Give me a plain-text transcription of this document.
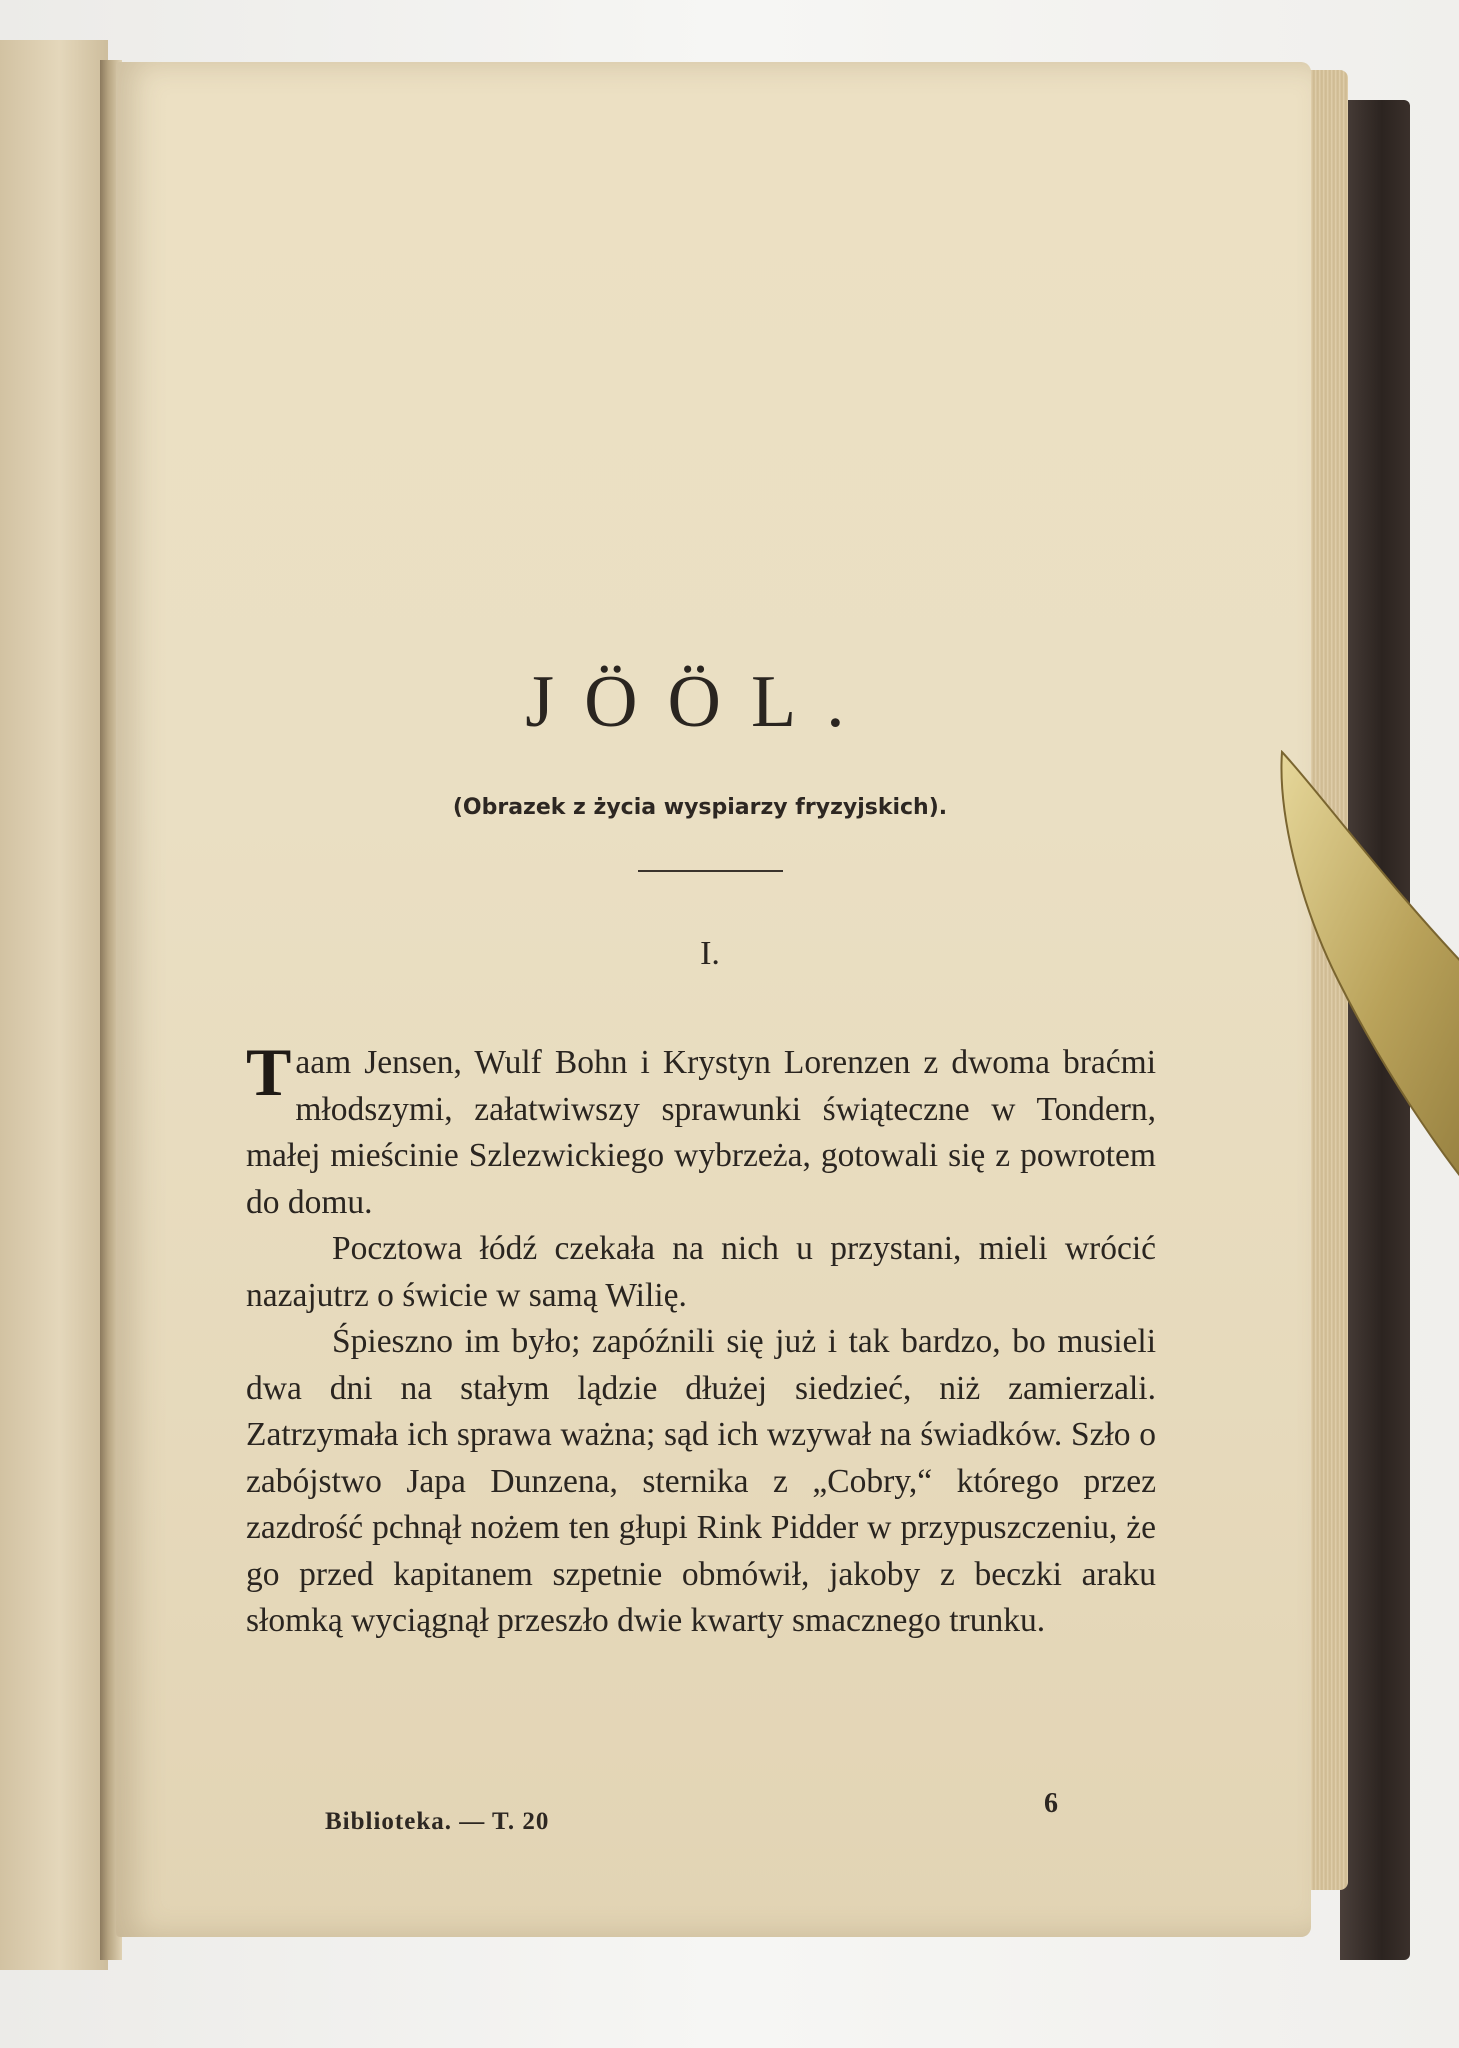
JÖÖL.
(Obrazek z życia wyspiarzy fryzyjskich).
I.

Taam Jensen, Wulf Bohn i Krystyn Lorenzen z dwoma braćmi młodszymi, załatwiwszy sprawunki świąteczne w Tondern, małej mieścinie Szlezwickiego wybrzeża, gotowali się z powrotem do domu.

Pocztowa łódź czekała na nich u przystani, mieli wrócić nazajutrz o świcie w samą Wilię.

Śpieszno im było; zapóźnili się już i tak bardzo, bo musieli dwa dni na stałym lądzie dłużej siedzieć, niż zamierzali. Zatrzymała ich sprawa ważna; sąd ich wzywał na świadków. Szło o zabójstwo Japa Dunzena, sternika z „Cobry,“ którego przez zazdrość pchnął nożem ten głupi Rink Pidder w przypuszczeniu, że go przed kapitanem szpetnie obmówił, jakoby z beczki araku słomką wyciągnął przeszło dwie kwarty smacznego trunku.

Biblioteka. — T. 20
6
